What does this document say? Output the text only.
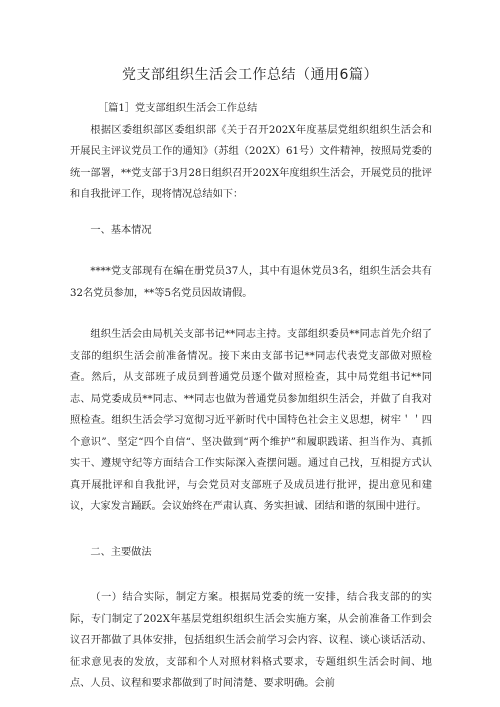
党支部组织生活会工作总结（通用6篇）

［篇1］党支部组织生活会工作总结

根据区委组织部区委组织部《关于召开202X年度基层党组织组织生活会和开展民主评议党员工作的通知》（苏组（202X）61号）文件精神，按照局党委的统一部署，**党支部于3月28日组织召开202X年度组织生活会，开展党员的批评和自我批评工作，现将情况总结如下：

一、基本情况

****党支部现有在编在册党员37人，其中有退休党员3名，组织生活会共有32名党员参加，**等5名党员因故请假。

组织生活会由局机关支部书记**同志主持。支部组织委员**同志首先介绍了支部的组织生活会前准备情况。接下来由支部书记**同志代表党支部做对照检查。然后，从支部班子成员到普通党员逐个做对照检查，其中局党组书记**同志、局党委成员**同志、**同志也做为普通党员参加组织生活会，并做了自我对照检查。组织生活会学习宽彻习近平新时代中国特色社会主义思想，树牢＇＇四个意识”、坚定“四个自信“、坚决做到“两个维护”和履职践诺、担当作为、真抓实干、遵规守纪等方面结合工作实际深入查摆问题。通过自己找，互相提方式认真开展批评和自我批评，与会党员对支部班子及成员进行批评，提出意见和建议，大家发言踊跃。会议始终在严肃认真、务实担诚、团结和谐的氛围中进行。

二、主要做法

（一）结合实际，制定方案。根据局党委的统一安排，结合我支部的的实际，专门制定了202X年基层党组织组织生活会实施方案，从会前准备工作到会议召开都做了具体安排，包括组织生活会前学习会内容、议程、谈心谈话活动、征求意见表的发放，支部和个人对照材料格式要求，专题组织生活会时间、地点、人员、议程和要求都做到了时间清楚、要求明确。会前
